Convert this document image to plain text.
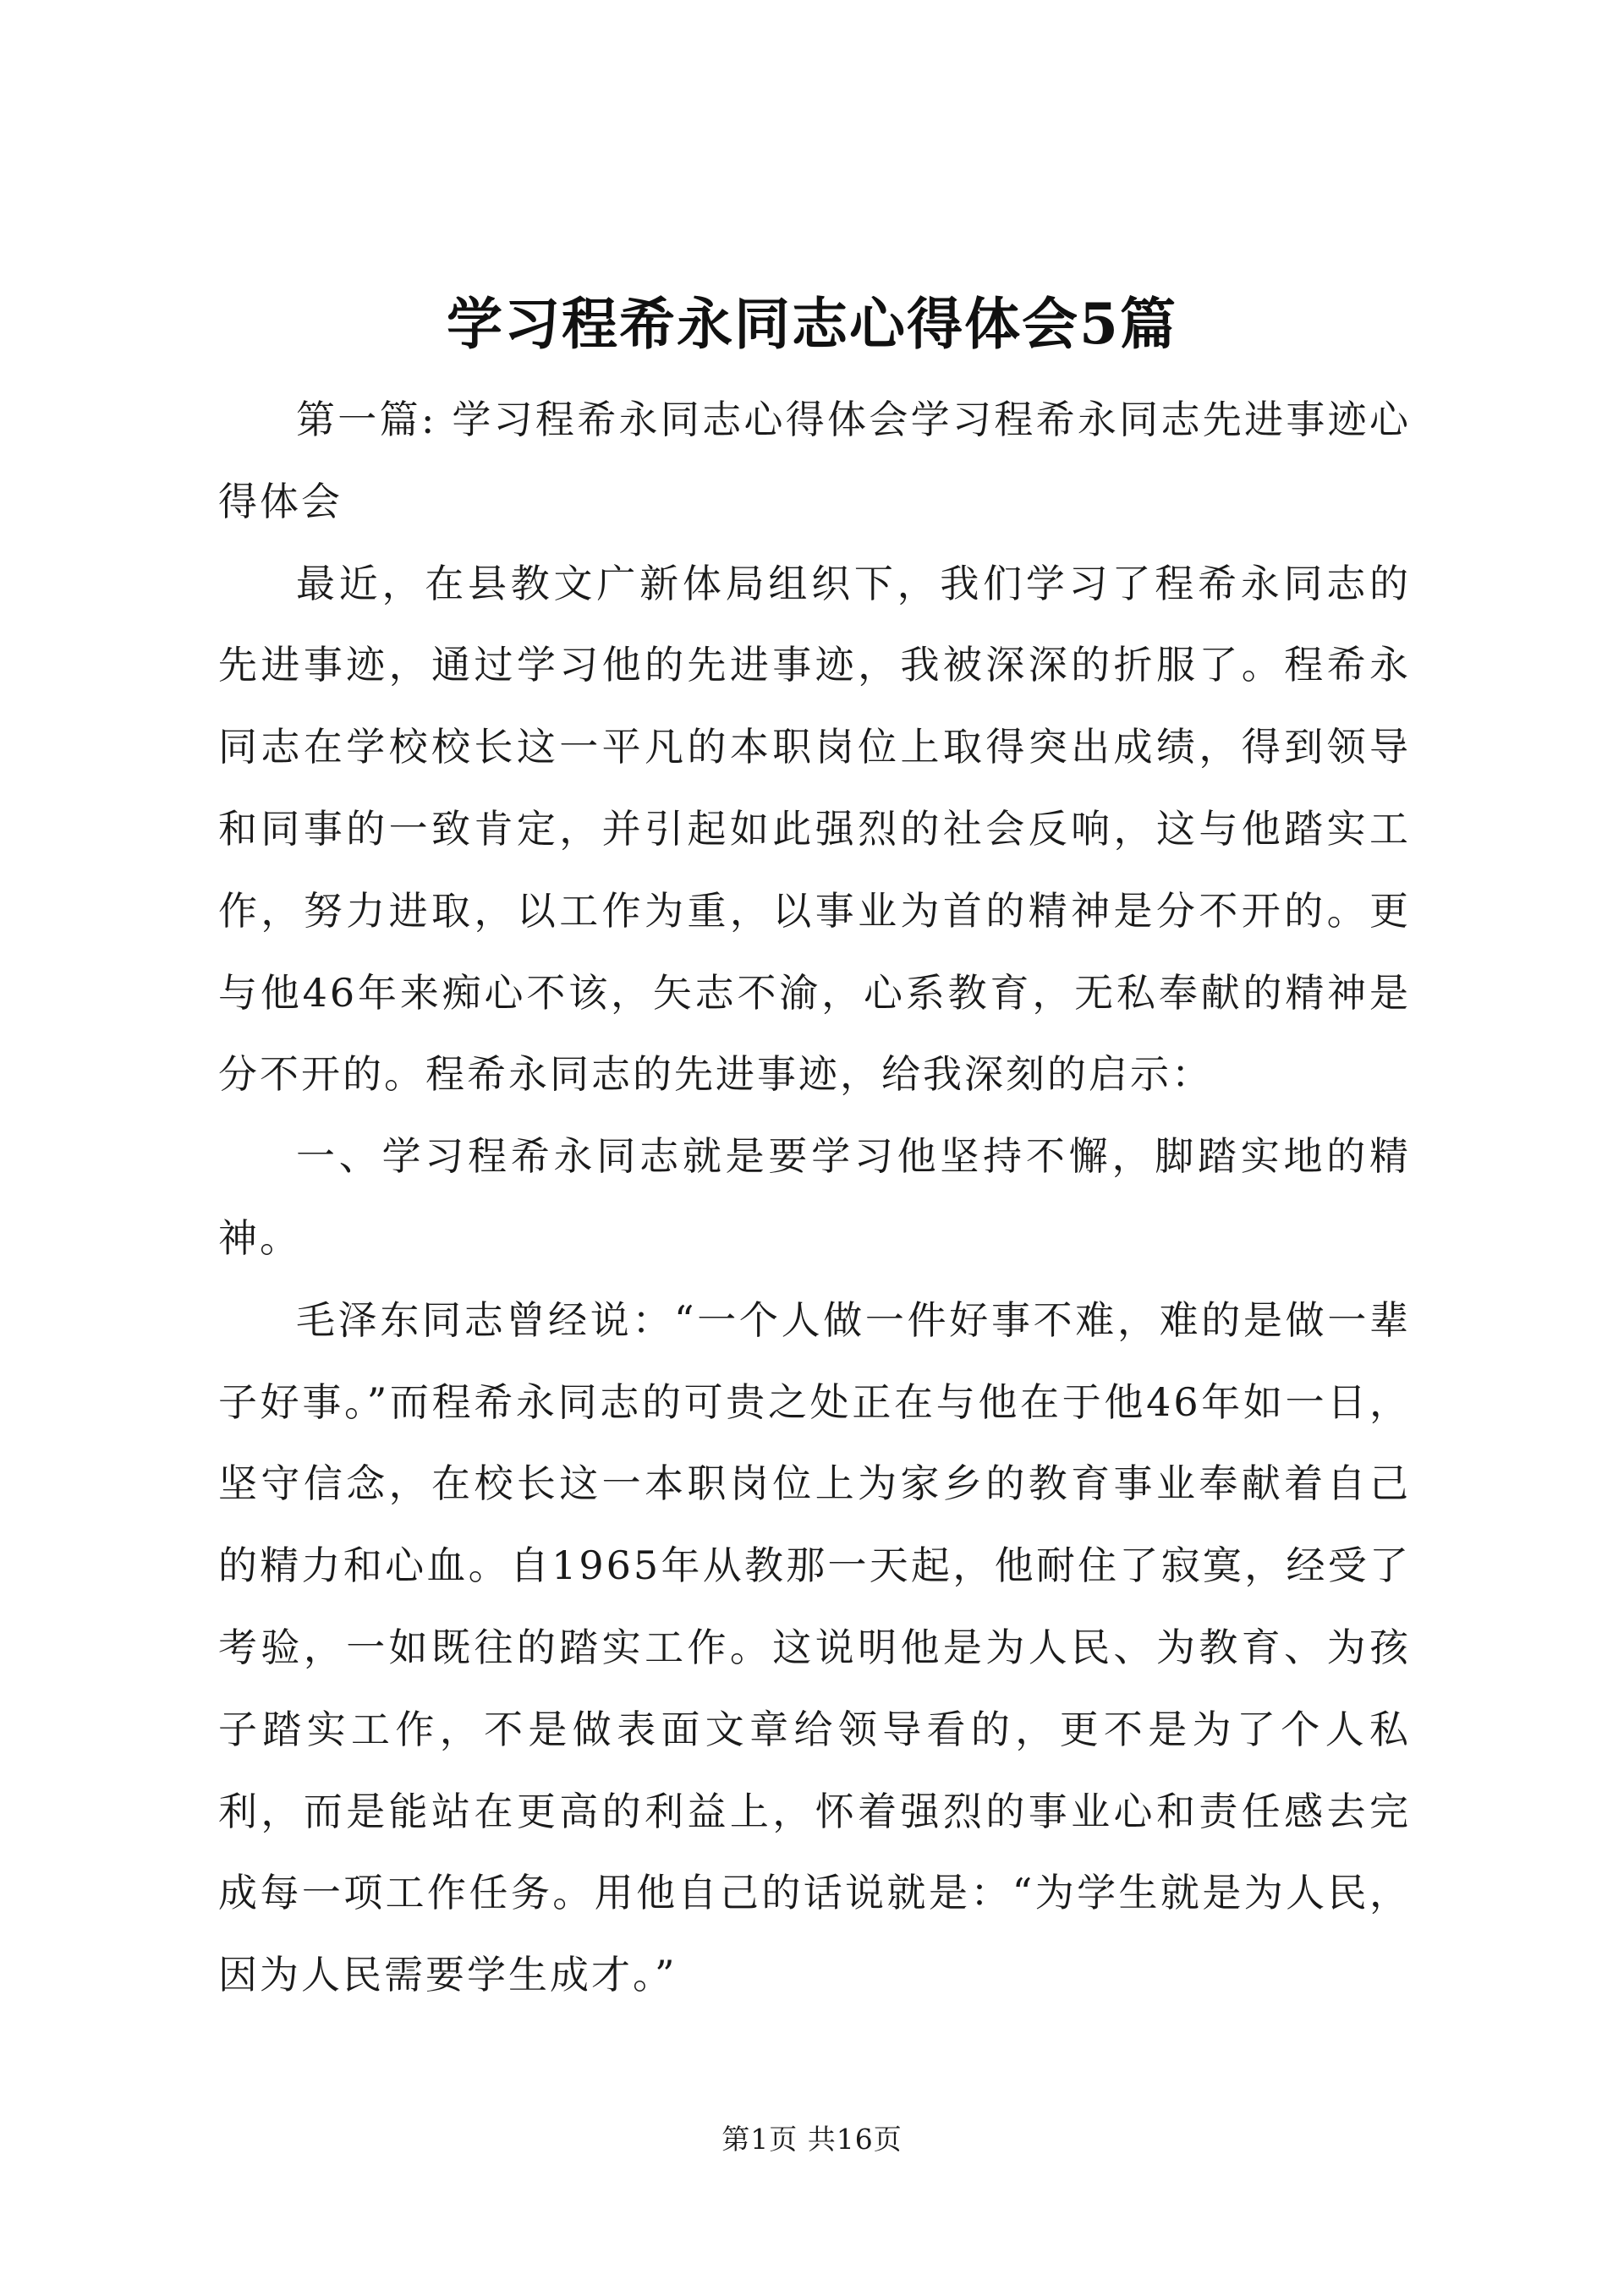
学习程希永同志心得体会5篇

第一篇: 学习程希永同志心得体会学习程希永同志先进事迹心得体会

最近，在县教文广新体局组织下，我们学习了程希永同志的先进事迹，通过学习他的先进事迹，我被深深的折服了。程希永同志在学校校长这一平凡的本职岗位上取得突出成绩，得到领导和同事的一致肯定，并引起如此强烈的社会反响，这与他踏实工作，努力进取，以工作为重，以事业为首的精神是分不开的。更与他46年来痴心不该，矢志不渝，心系教育，无私奉献的精神是分不开的。程希永同志的先进事迹，给我深刻的启示：

一、学习程希永同志就是要学习他坚持不懈，脚踏实地的精神。

毛泽东同志曾经说：“一个人做一件好事不难，难的是做一辈子好事。”而程希永同志的可贵之处正在与他在于他46年如一日，坚守信念，在校长这一本职岗位上为家乡的教育事业奉献着自己的精力和心血。自1965年从教那一天起，他耐住了寂寞，经受了考验，一如既往的踏实工作。这说明他是为人民、为教育、为孩子踏实工作，不是做表面文章给领导看的，更不是为了个人私利，而是能站在更高的利益上，怀着强烈的事业心和责任感去完成每一项工作任务。用他自己的话说就是：“为学生就是为人民，因为人民需要学生成才。”

第1页 共16页
